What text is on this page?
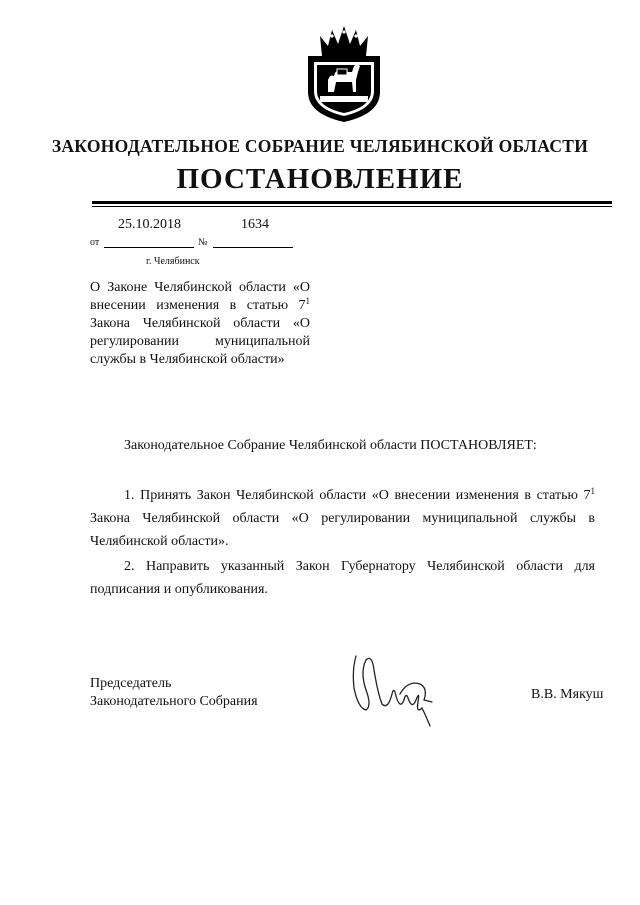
ЗАКОНОДАТЕЛЬНОЕ СОБРАНИЕ ЧЕЛЯБИНСКОЙ ОБЛАСТИ
ПОСТАНОВЛЕНИЕ
25.10.2018	1634
от	№
г. Челябинск
О Законе Челябинской области «О внесении изменения в статью $7^1$ Закона Челябинской области «О регулировании муниципальной службы в Челябинской области»
Законодательное Собрание Челябинской области ПОСТАНОВЛЯЕТ:
1. Принять Закон Челябинской области «О внесении изменения в статью $7^1$ Закона Челябинской области «О регулировании муниципальной службы в Челябинской области».
2. Направить указанный Закон Губернатору Челябинской области для подписания и опубликования.
Председатель
Законодательного Собрания	В.В. Мякуш
